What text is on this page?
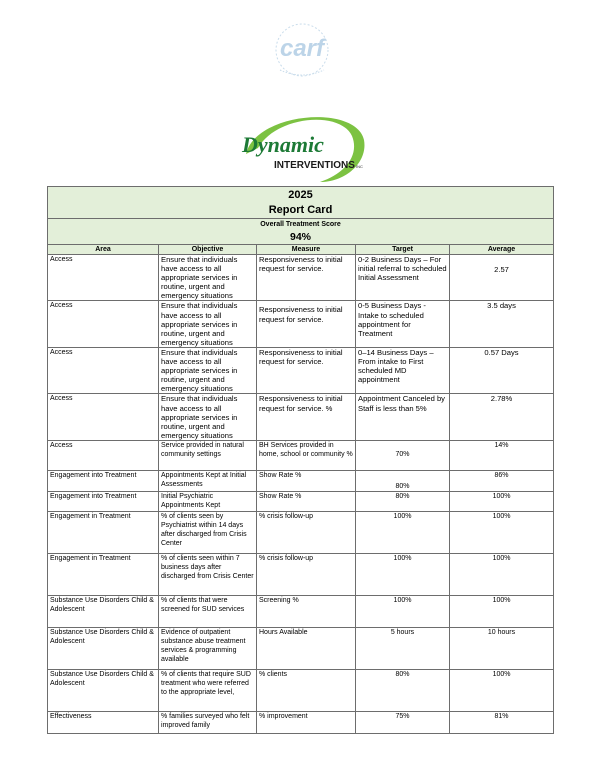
carf
Dynamic
INTERVENTIONS INC
2025				
Report Card				
Overall Treatment Score				
94%				
Area	Objective	Measure	Target	Average
Access	Ensure that individuals have access to all appropriate services in routine, urgent and emergency situations	Responsiveness to initial request for service.	0-2 Business Days – For initial referral to scheduled Initial Assessment	2.57

Access	Ensure that individuals have access to all appropriate services in routine, urgent and emergency situations	Responsiveness to initial request for service.	0-5 Business Days - Intake to scheduled appointment for Treatment	3.5 days
Access	Ensure that individuals have access to all appropriate services in routine, urgent and emergency situations	Responsiveness to initial request for service.	0–14 Business Days – From intake to First scheduled MD appointment	0.57 Days
Access	Ensure that individuals have access to all appropriate services in routine, urgent and emergency situations	Responsiveness to initial request for service. %	Appointment Canceled by Staff is less than 5%	2.78%
Access	Service provided in natural community settings	BH Services provided in home, school or community %	70%	14%
Engagement into Treatment	Appointments Kept at Initial Assessments	Show Rate %	80%	86%
Engagement into Treatment	Initial Psychiatric Appointments Kept	Show Rate %	80%	100%
Engagement in Treatment	% of clients seen by Psychiatrist within 14 days after discharged from Crisis Center	% crisis follow-up	100%	100%
Engagement in Treatment	% of clients seen within 7 business days after discharged from Crisis Center	% crisis follow-up	100%	100%
Substance Use Disorders Child & Adolescent	% of clients that were screened for SUD services	Screening %	100%	100%
Substance Use Disorders Child & Adolescent	Evidence of outpatient substance abuse treatment services & programming available	Hours Available	5 hours	10 hours
Substance Use Disorders Child & Adolescent	% of clients that require SUD treatment who were referred to the appropriate level,	% clients	80%	100%
Effectiveness	% families surveyed who felt improved family	% improvement	75%	81%
